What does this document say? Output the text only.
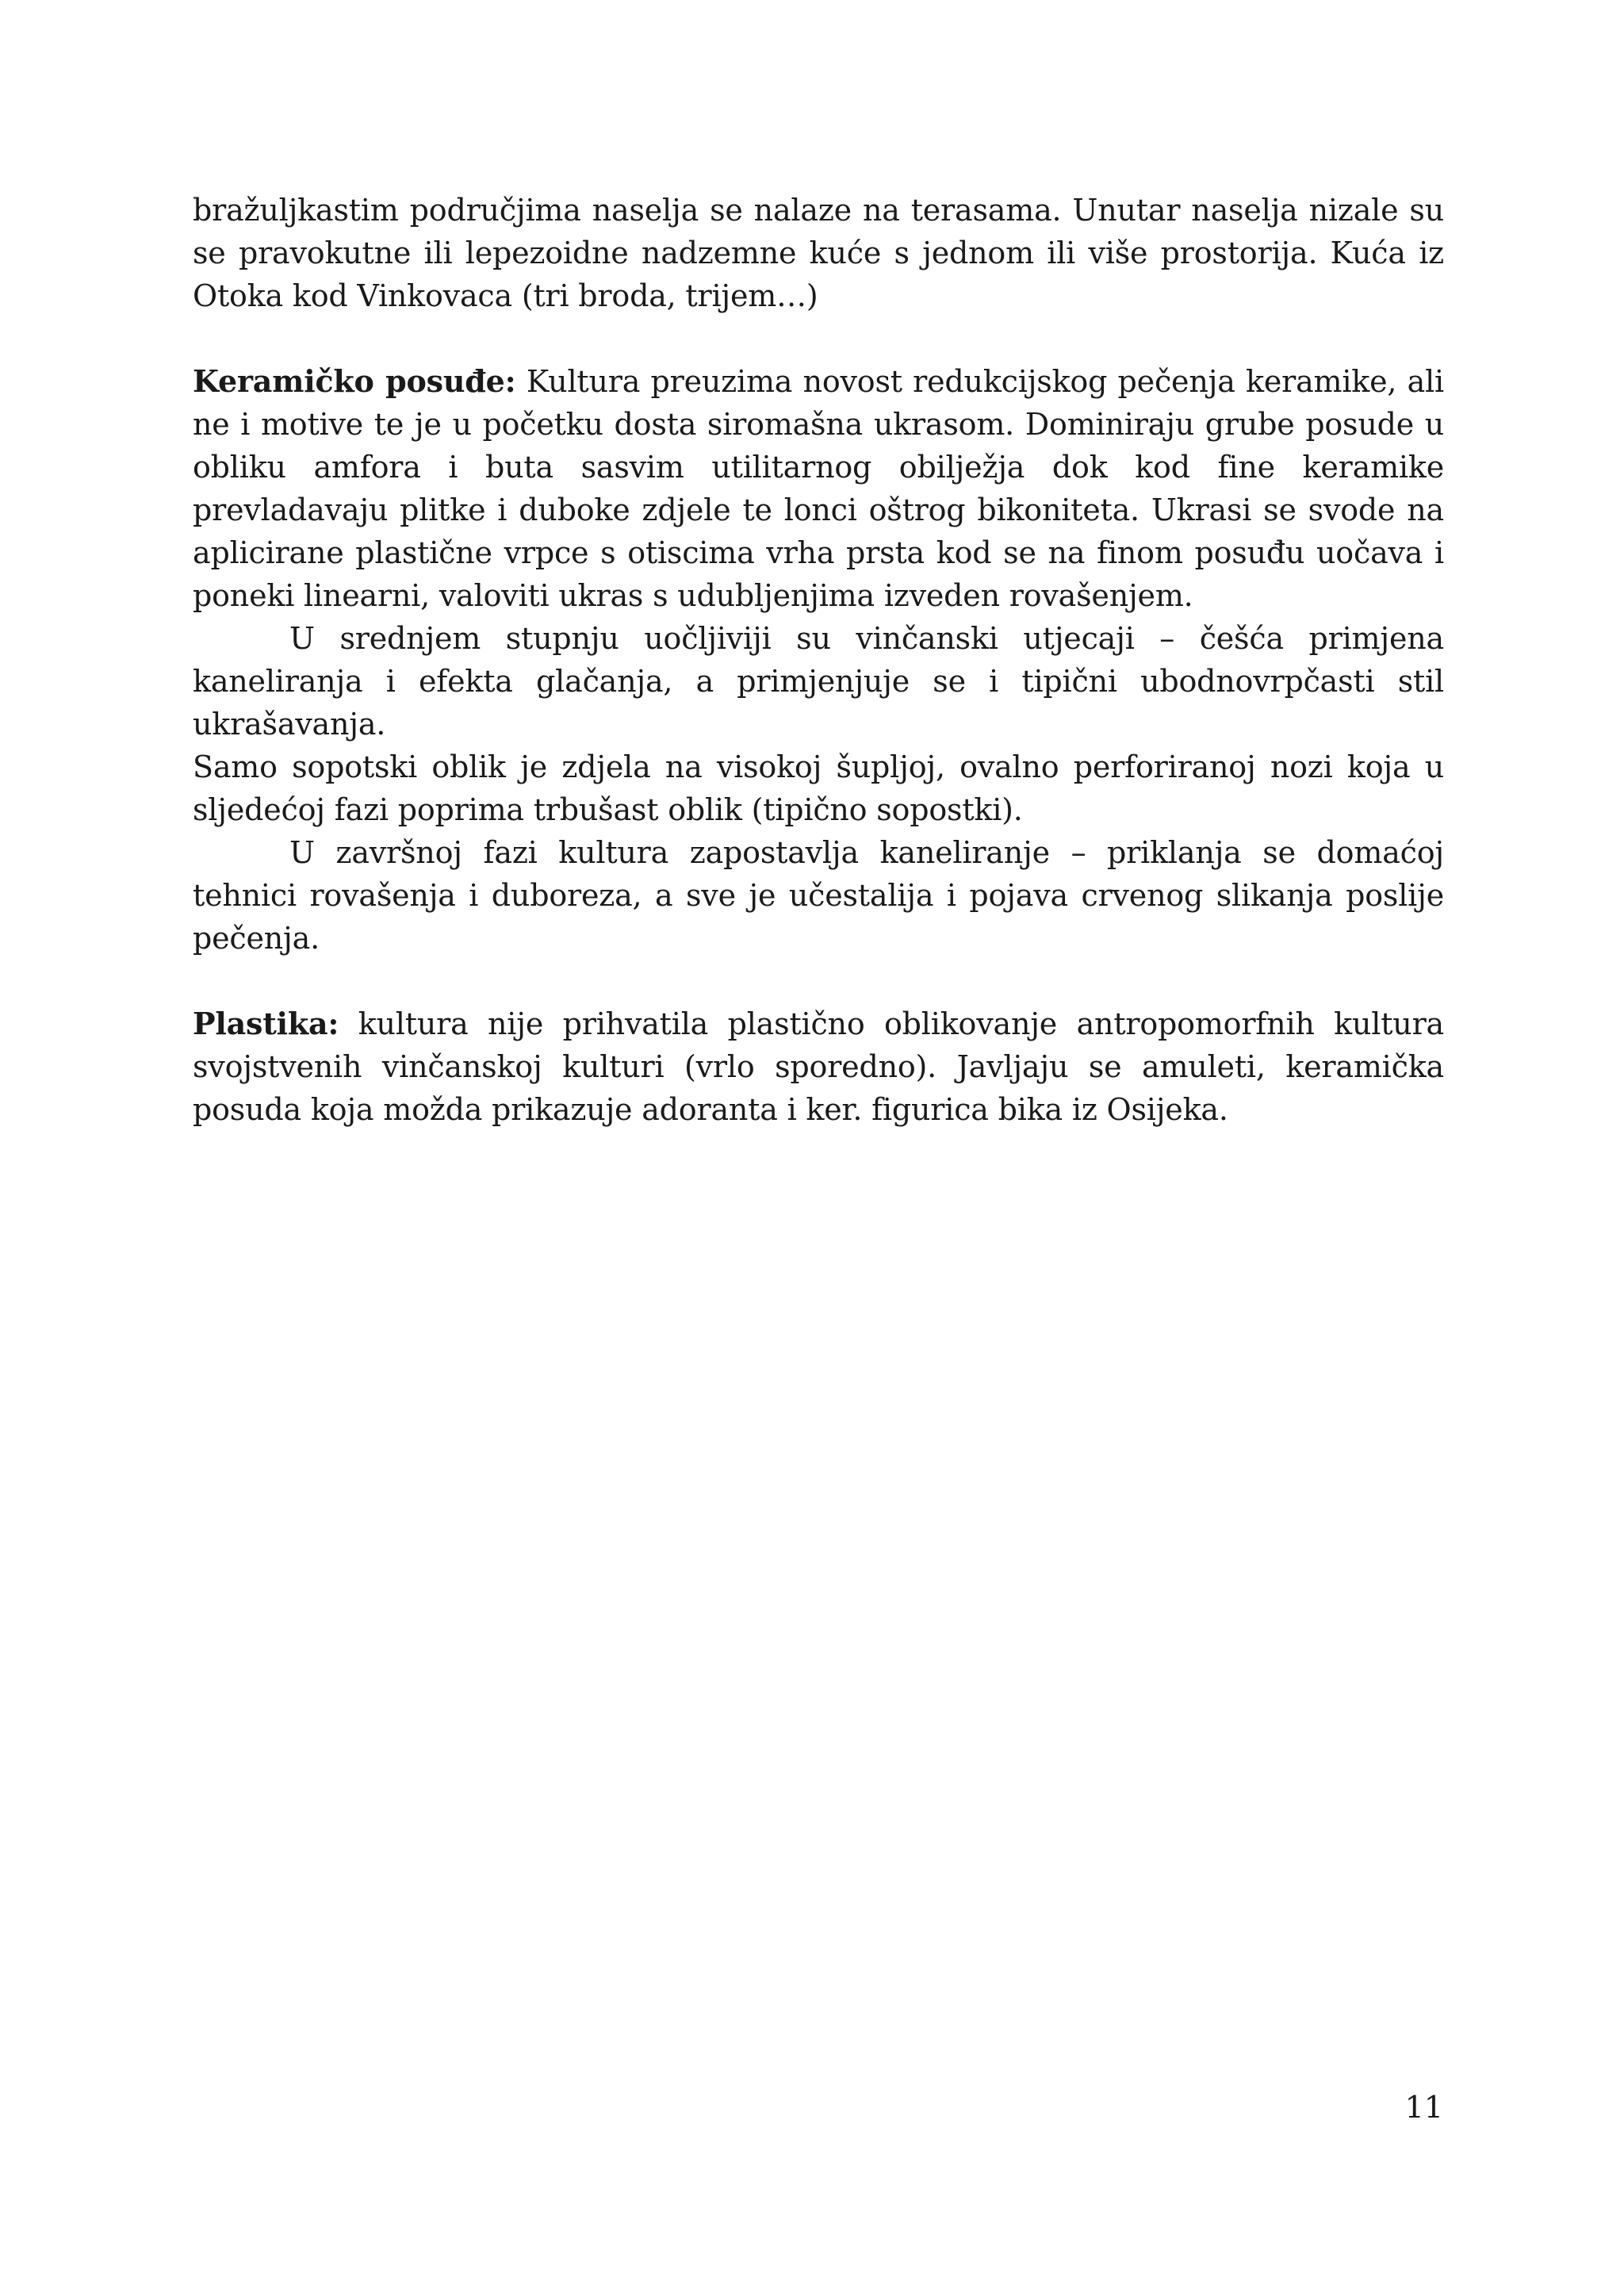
bražuljkastim područjima naselja se nalaze na terasama. Unutar naselja nizale su se pravokutne ili lepezoidne nadzemne kuće s jednom ili više prostorija. Kuća iz Otoka kod Vinkovaca (tri broda, trijem…)

Keramičko posuđe: Kultura preuzima novost redukcijskog pečenja keramike, ali ne i motive te je u početku dosta siromašna ukrasom. Dominiraju grube posude u obliku amfora i buta sasvim utilitarnog obilježja dok kod fine keramike prevladavaju plitke i duboke zdjele te lonci oštrog bikoniteta. Ukrasi se svode na aplicirane plastične vrpce s otiscima vrha prsta kod se na finom posuđu uočava i poneki linearni, valoviti ukras s udubljenjima izveden rovašenjem.

U srednjem stupnju uočljiviji su vinčanski utjecaji – češća primjena kaneliranja i efekta glačanja, a primjenjuje se i tipični ubodnovrpčasti stil ukrašavanja.

Samo sopotski oblik je zdjela na visokoj šupljoj, ovalno perforiranoj nozi koja u sljedećoj fazi poprima trbušast oblik (tipično sopostki).

U završnoj fazi kultura zapostavlja kaneliranje – priklanja se domaćoj tehnici rovašenja i duboreza, a sve je učestalija i pojava crvenog slikanja poslije pečenja.

Plastika: kultura nije prihvatila plastično oblikovanje antropomorfnih kultura svojstvenih vinčanskoj kulturi (vrlo sporedno). Javljaju se amuleti, keramička posuda koja možda prikazuje adoranta i ker. figurica bika iz Osijeka.

11
